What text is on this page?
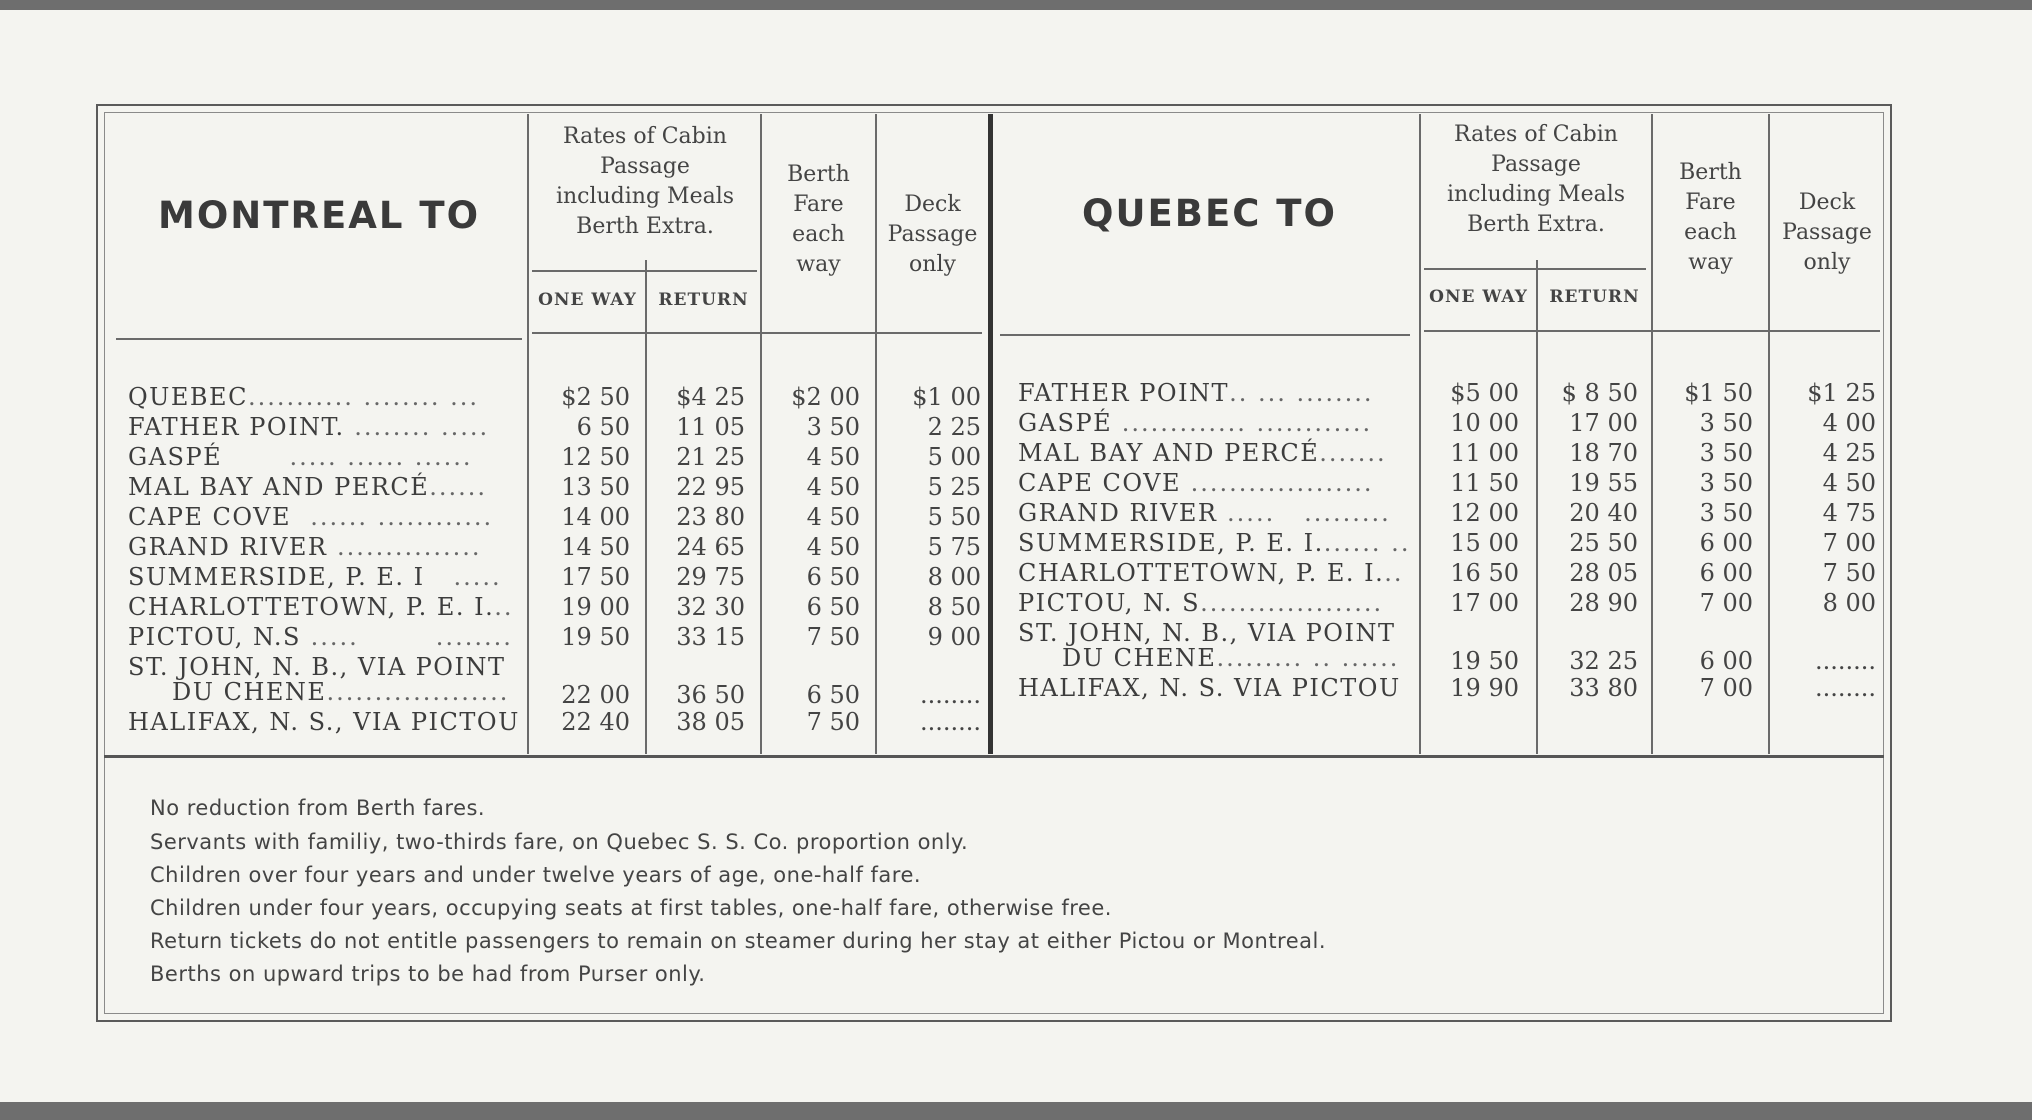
MONTREAL TO
Rates of Cabin
Passage
including Meals
Berth Extra.
ONE WAY	RETURN
Berth
Fare
each
way
Deck
Passage
only
QUEBEC TO
Rates of Cabin
Passage
including Meals
Berth Extra.
ONE WAY	RETURN
Berth
Fare
each
way
Deck
Passage
only
QUEBEC........... ........ ...	$2 50	$4 25	$2 00	$1 00
FATHER POINT. ........ .....	6 50	11 05	3 50	2 25
GASPÉ       ..... ...... ......	12 50	21 25	4 50	5 00
MAL BAY AND PERCÉ......	13 50	22 95	4 50	5 25
CAPE COVE  ...... ............	14 00	23 80	4 50	5 50
GRAND RIVER ...............	14 50	24 65	4 50	5 75
SUMMERSIDE, P. E. I   .....	17 50	29 75	6 50	8 00
CHARLOTTETOWN, P. E. I...	19 00	32 30	6 50	8 50
PICTOU, N.S .....        ........	19 50	33 15	7 50	9 00
ST. JOHN, N. B., VIA POINT
DU CHENE...................	22 00	36 50	6 50	........
HALIFAX, N. S., VIA PICTOU	22 40	38 05	7 50	........
FATHER POINT.. ... ........	$5 00	$ 8 50	$1 50	$1 25
GASPÉ ............. ............	10 00	17 00	3 50	4 00
MAL BAY AND PERCÉ.......	11 00	18 70	3 50	4 25
CAPE COVE ...................	11 50	19 55	3 50	4 50
GRAND RIVER .....   .........	12 00	20 40	3 50	4 75
SUMMERSIDE, P. E. I....... ..	15 00	25 50	6 00	7 00
CHARLOTTETOWN, P. E. I...	16 50	28 05	6 00	7 50
PICTOU, N. S...................	17 00	28 90	7 00	8 00
ST. JOHN, N. B., VIA POINT
DU CHENE......... .. ......	19 50	32 25	6 00	........
HALIFAX, N. S. VIA PICTOU	19 90	33 80	7 00	........
No reduction from Berth fares.
Servants with familiy, two-thirds fare, on Quebec S. S. Co. proportion only.
Children over four years and under twelve years of age, one-half fare.
Children under four years, occupying seats at first tables, one-half fare, otherwise free.
Return tickets do not entitle passengers to remain on steamer during her stay at either Pictou or Montreal.
Berths on upward trips to be had from Purser only.
